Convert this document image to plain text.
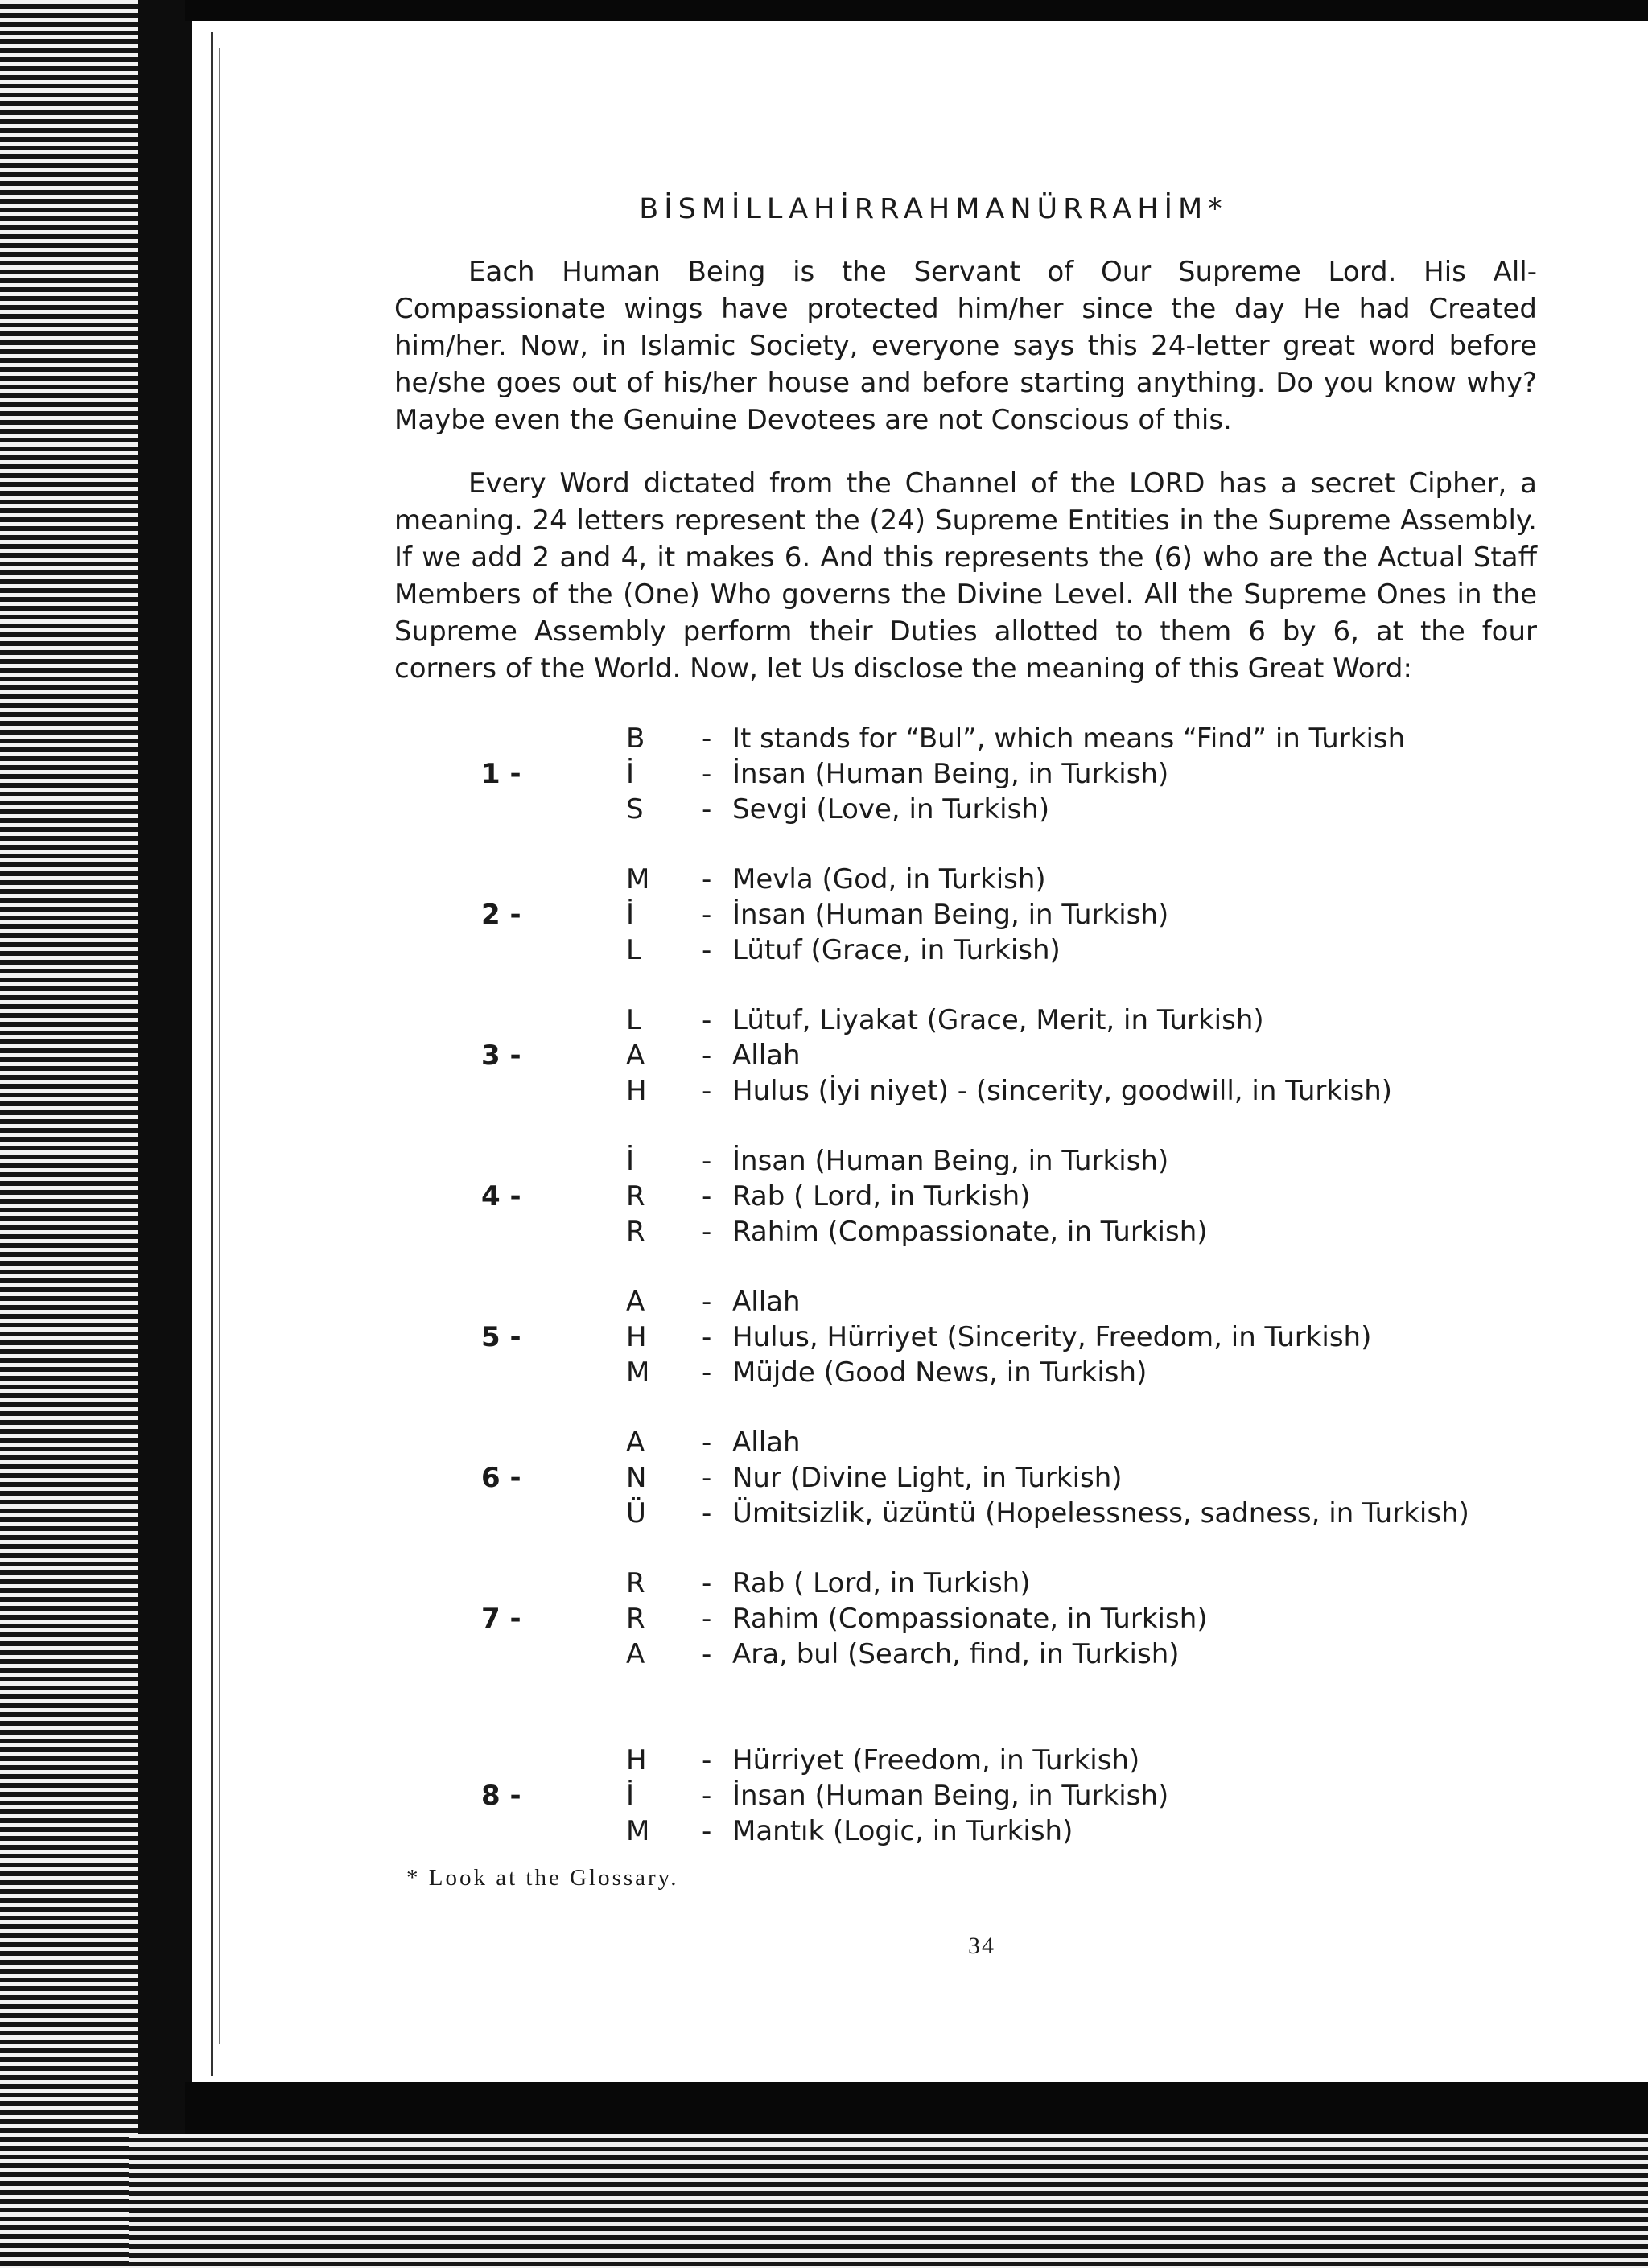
BİSMİLLAHİRRAHMANÜRRAHİM*
Each Human Being is the Servant of Our Supreme Lord. His All-Compassionate wings have protected him/her since the day He had Created him/her. Now, in Islamic Society, everyone says this 24-letter great word before he/she goes out of his/her house and before starting anything. Do you know why? Maybe even the Genuine Devotees are not Conscious of this.
Every Word dictated from the Channel of the LORD has a secret Cipher, a meaning. 24 letters represent the (24) Supreme Entities in the Supreme Assembly. If we add 2 and 4, it makes 6. And this represents the (6) who are the Actual Staff Members of the (One) Who governs the Divine Level. All the Supreme Ones in the Supreme Assembly perform their Duties allotted to them 6 by 6, at the four corners of the World. Now, let Us disclose the meaning of this Great Word:
1 -
B - It stands for “Bul”, which means “Find” in Turkish
İ	- İnsan (Human Being, in Turkish)
S - Sevgi (Love, in Turkish)
2 -
M - Mevla (God, in Turkish)
İ	- İnsan (Human Being, in Turkish)
L	- Lütuf (Grace, in Turkish)
3 -
L	- Lütuf, Liyakat (Grace, Merit, in Turkish)
A - Allah
H - Hulus (İyi niyet) - (sincerity, goodwill, in Turkish)
4 -
İ	- İnsan (Human Being, in Turkish)
R - Rab ( Lord, in Turkish)
R - Rahim (Compassionate, in Turkish)
5 -
A - Allah
H - Hulus, Hürriyet (Sincerity, Freedom, in Turkish)
M - Müjde (Good News, in Turkish)
6 -
A - Allah
N - Nur (Divine Light, in Turkish)
Ü - Ümitsizlik, üzüntü (Hopelessness, sadness, in Turkish)
7 -
R - Rab ( Lord, in Turkish)
R - Rahim (Compassionate, in Turkish)
A - Ara, bul (Search, find, in Turkish)
8 -
H - Hürriyet (Freedom, in Turkish)
İ	- İnsan (Human Being, in Turkish)
M - Mantık (Logic, in Turkish)
* Look at the Glossary.
34
